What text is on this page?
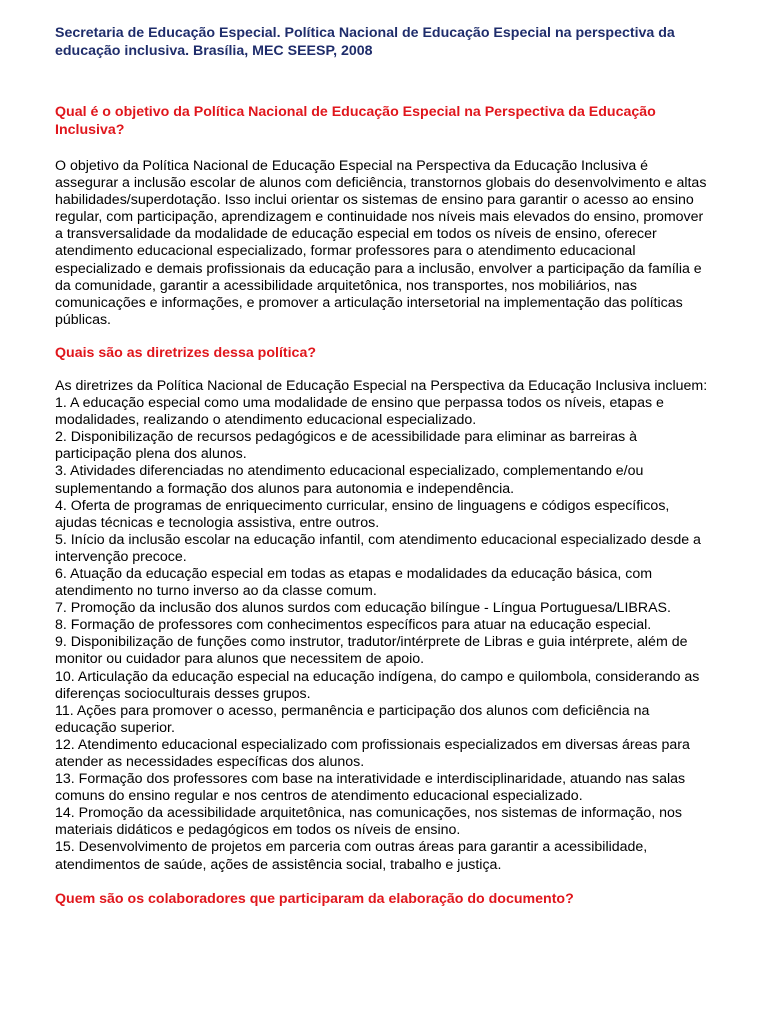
Secretaria de Educação Especial. Política Nacional de Educação Especial na perspectiva da educação inclusiva. Brasília, MEC SEESP, 2008

Qual é o objetivo da Política Nacional de Educação Especial na Perspectiva da Educação Inclusiva?

O objetivo da Política Nacional de Educação Especial na Perspectiva da Educação Inclusiva é assegurar a inclusão escolar de alunos com deficiência, transtornos globais do desenvolvimento e altas habilidades/superdotação. Isso inclui orientar os sistemas de ensino para garantir o acesso ao ensino regular, com participação, aprendizagem e continuidade nos níveis mais elevados do ensino, promover a transversalidade da modalidade de educação especial em todos os níveis de ensino, oferecer atendimento educacional especializado, formar professores para o atendimento educacional especializado e demais profissionais da educação para a inclusão, envolver a participação da família e da comunidade, garantir a acessibilidade arquitetônica, nos transportes, nos mobiliários, nas comunicações e informações, e promover a articulação intersetorial na implementação das políticas públicas.

Quais são as diretrizes dessa política?

As diretrizes da Política Nacional de Educação Especial na Perspectiva da Educação Inclusiva incluem:

1. A educação especial como uma modalidade de ensino que perpassa todos os níveis, etapas e modalidades, realizando o atendimento educacional especializado.
2. Disponibilização de recursos pedagógicos e de acessibilidade para eliminar as barreiras à participação plena dos alunos.
3. Atividades diferenciadas no atendimento educacional especializado, complementando e/ou suplementando a formação dos alunos para autonomia e independência.
4. Oferta de programas de enriquecimento curricular, ensino de linguagens e códigos específicos, ajudas técnicas e tecnologia assistiva, entre outros.
5. Início da inclusão escolar na educação infantil, com atendimento educacional especializado desde a intervenção precoce.
6. Atuação da educação especial em todas as etapas e modalidades da educação básica, com atendimento no turno inverso ao da classe comum.
7. Promoção da inclusão dos alunos surdos com educação bilíngue - Língua Portuguesa/LIBRAS.
8. Formação de professores com conhecimentos específicos para atuar na educação especial.
9. Disponibilização de funções como instrutor, tradutor/intérprete de Libras e guia intérprete, além de monitor ou cuidador para alunos que necessitem de apoio.
10. Articulação da educação especial na educação indígena, do campo e quilombola, considerando as diferenças socioculturais desses grupos.
11. Ações para promover o acesso, permanência e participação dos alunos com deficiência na educação superior.
12. Atendimento educacional especializado com profissionais especializados em diversas áreas para atender as necessidades específicas dos alunos.
13. Formação dos professores com base na interatividade e interdisciplinaridade, atuando nas salas comuns do ensino regular e nos centros de atendimento educacional especializado.
14. Promoção da acessibilidade arquitetônica, nas comunicações, nos sistemas de informação, nos materiais didáticos e pedagógicos em todos os níveis de ensino.
15. Desenvolvimento de projetos em parceria com outras áreas para garantir a acessibilidade, atendimentos de saúde, ações de assistência social, trabalho e justiça.

Quem são os colaboradores que participaram da elaboração do documento?
